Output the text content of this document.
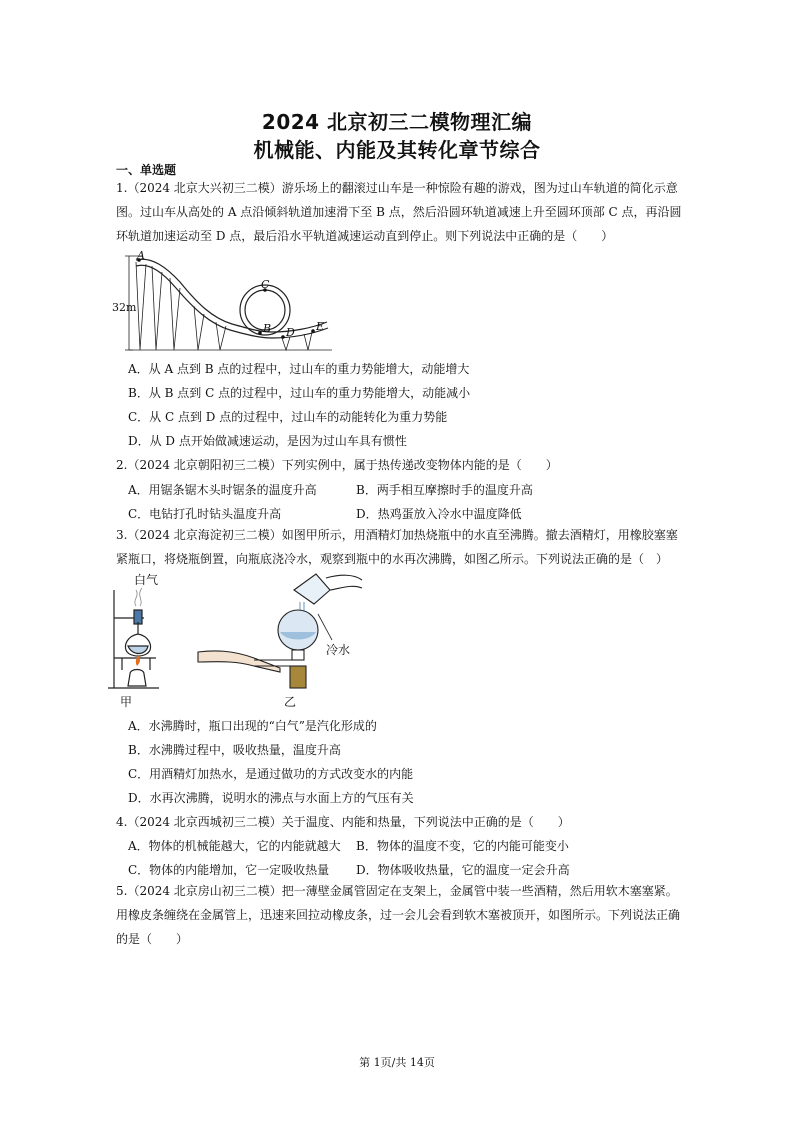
2024 北京初三二模物理汇编
机械能、内能及其转化章节综合
一、单选题

1.（2024 北京大兴初三二模）游乐场上的翻滚过山车是一种惊险有趣的游戏，图为过山车轨道的简化示意图。过山车从高处的 A 点沿倾斜轨道加速滑下至 B 点，然后沿圆环轨道减速上升至圆环顶部 C 点，再沿圆环轨道加速运动至 D 点，最后沿水平轨道减速运动直到停止。则下列说法中正确的是（　　）

A
C
B D E
32m
A．从 A 点到 B 点的过程中，过山车的重力势能增大，动能增大
B．从 B 点到 C 点的过程中，过山车的重力势能增大，动能减小
C．从 C 点到 D 点的过程中，过山车的动能转化为重力势能
D．从 D 点开始做减速运动，是因为过山车具有惯性
2.（2024 北京朝阳初三二模）下列实例中，属于热传递改变物体内能的是（　　）
A．用锯条锯木头时锯条的温度升高	B．两手相互摩擦时手的温度升高
C．电钻打孔时钻头温度升高	D．热鸡蛋放入冷水中温度降低

3.（2024 北京海淀初三二模）如图甲所示，用酒精灯加热烧瓶中的水直至沸腾。撤去酒精灯，用橡胶塞塞紧瓶口，将烧瓶倒置，向瓶底浇冷水，观察到瓶中的水再次沸腾，如图乙所示。下列说法正确的是（　）

白气
甲
冷水
乙
A．水沸腾时，瓶口出现的“白气”是汽化形成的
B．水沸腾过程中，吸收热量，温度升高
C．用酒精灯加热水，是通过做功的方式改变水的内能
D．水再次沸腾，说明水的沸点与水面上方的气压有关
4.（2024 北京西城初三二模）关于温度、内能和热量，下列说法中正确的是（　　）
A．物体的机械能越大，它的内能就越大 B．物体的温度不变，它的内能可能变小
C．物体的内能增加，它一定吸收热量 D．物体吸收热量，它的温度一定会升高

5.（2024 北京房山初三二模）把一薄壁金属管固定在支架上，金属管中装一些酒精，然后用软木塞塞紧。用橡皮条缠绕在金属管上，迅速来回拉动橡皮条，过一会儿会看到软木塞被顶开，如图所示。下列说法正确的是（　　）

第 1页/共 14页
